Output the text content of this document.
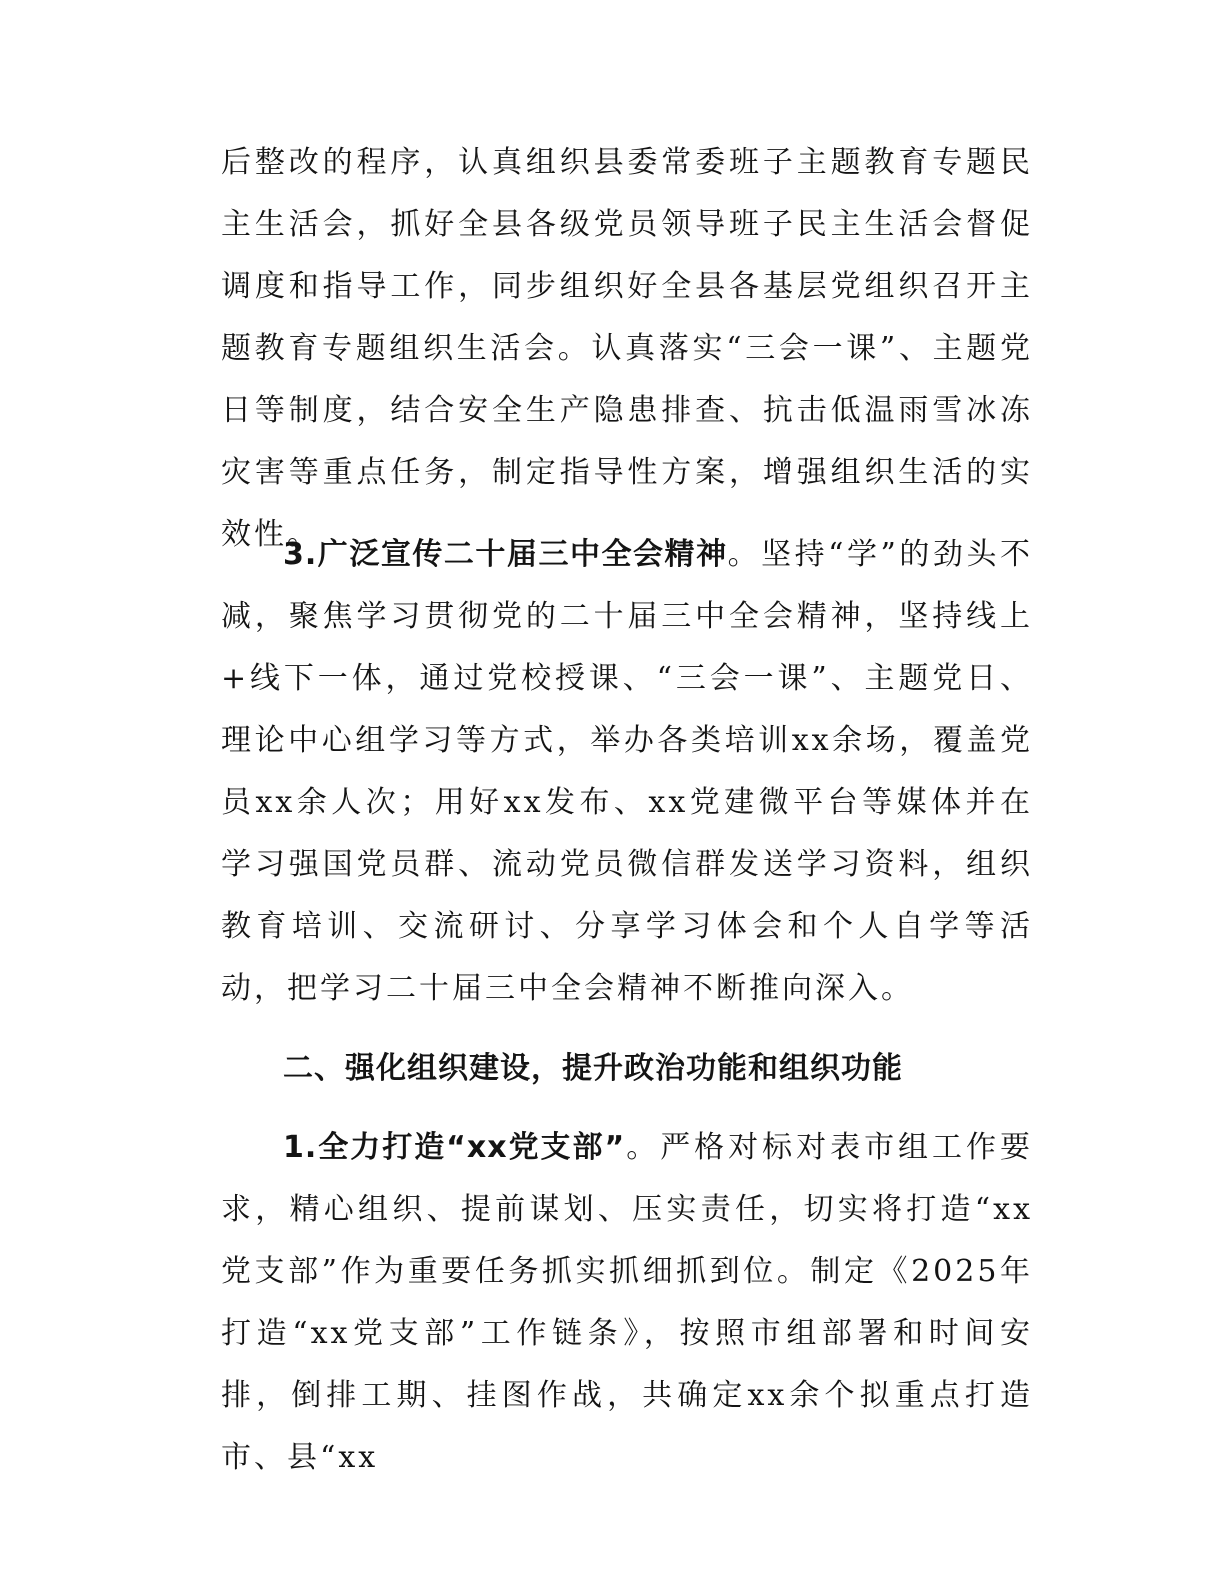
后整改的程序，认真组织县委常委班子主题教育专题民主生活会，抓好全县各级党员领导班子民主生活会督促调度和指导工作，同步组织好全县各基层党组织召开主题教育专题组织生活会。认真落实“三会一课”、主题党日等制度，结合安全生产隐患排查、抗击低温雨雪冰冻灾害等重点任务，制定指导性方案，增强组织生活的实效性。

3.广泛宣传二十届三中全会精神。坚持“学”的劲头不减，聚焦学习贯彻党的二十届三中全会精神，坚持线上+线下一体，通过党校授课、“三会一课”、主题党日、理论中心组学习等方式，举办各类培训xx余场，覆盖党员xx余人次；用好xx发布、xx党建微平台等媒体并在学习强国党员群、流动党员微信群发送学习资料，组织教育培训、交流研讨、分享学习体会和个人自学等活动，把学习二十届三中全会精神不断推向深入。

二、强化组织建设，提升政治功能和组织功能

1.全力打造“xx党支部”。严格对标对表市组工作要求，精心组织、提前谋划、压实责任，切实将打造“xx党支部”作为重要任务抓实抓细抓到位。制定《2025年打造“xx党支部”工作链条》，按照市组部署和时间安排，倒排工期、挂图作战，共确定xx余个拟重点打造市、县“xx
